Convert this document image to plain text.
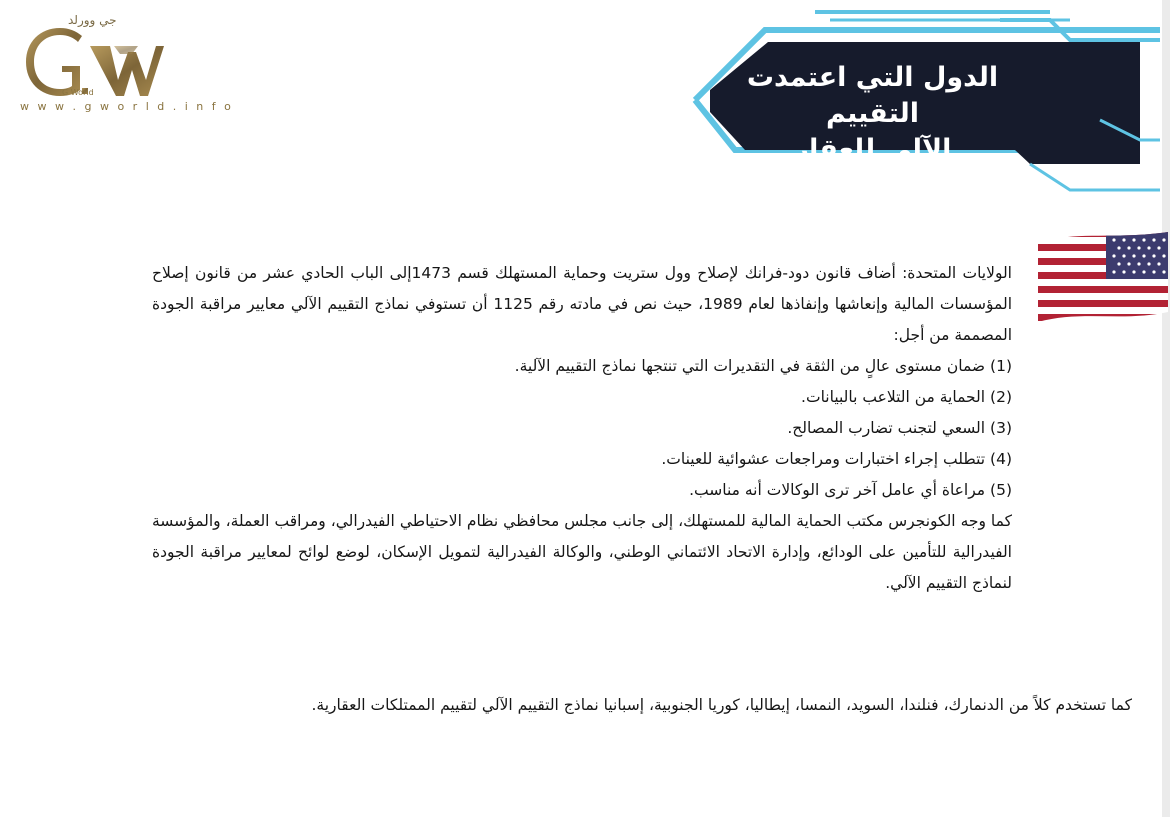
جي وورلد
G World
w w w . g w o r l d . i n f o
الدول التي اعتمدت التقييم
الآلي للعقار

الولايات المتحدة: أضاف قانون دود-فرانك لإصلاح وول ستريت وحماية المستهلك قسم 1473إلى الباب الحادي عشر من قانون إصلاح المؤسسات المالية وإنعاشها وإنفاذها لعام 1989، حيث نص في مادته رقم 1125 أن تستوفي نماذج التقييم الآلي معايير مراقبة الجودة المصممة من أجل:

(1) ضمان مستوى عالٍ من الثقة في التقديرات التي تنتجها نماذج التقييم الآلية.

(2) الحماية من التلاعب بالبيانات.

(3) السعي لتجنب تضارب المصالح.

(4) تتطلب إجراء اختبارات ومراجعات عشوائية للعينات.

(5) مراعاة أي عامل آخر ترى الوكالات أنه مناسب.

كما وجه الكونجرس مكتب الحماية المالية للمستهلك، إلى جانب مجلس محافظي نظام الاحتياطي الفيدرالي، ومراقب العملة، والمؤسسة الفيدرالية للتأمين على الودائع، وإدارة الاتحاد الائتماني الوطني، والوكالة الفيدرالية لتمويل الإسكان، لوضع لوائح لمعايير مراقبة الجودة لنماذج التقييم الآلي.

كما تستخدم كلاً من الدنمارك، فنلندا، السويد، النمسا، إيطاليا، كوريا الجنوبية، إسبانيا نماذج التقييم الآلي لتقييم الممتلكات العقارية.
